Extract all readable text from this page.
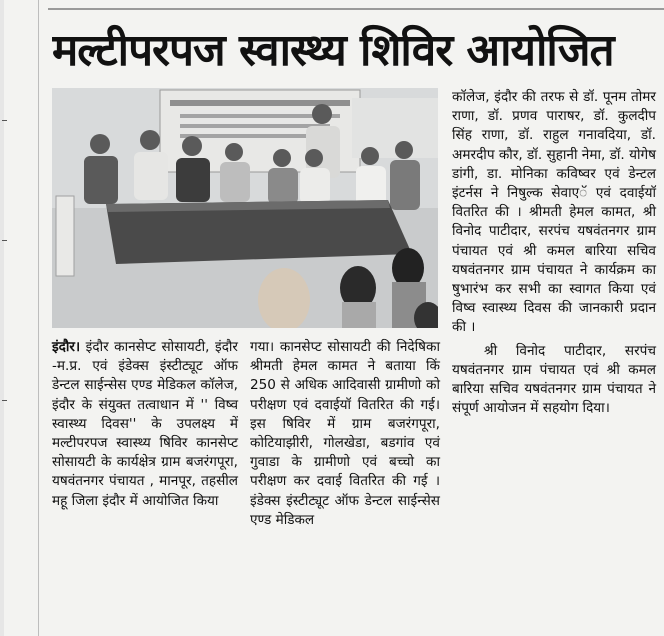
मल्टीपरपज स्वास्थ्य शिविर आयोजित

इंदौर। इंदौर कानसेप्ट सोसायटी, इंदौर -म.प्र. एवं इंडेक्स इंस्टीट्यूट ऑफ डेन्टल साईन्सेस एण्ड मेडिकल कॉलेज, इंदौर के संयुक्त तत्वाधान में '' विष्व स्वास्थ्य दिवस'' के उपलक्ष्य में मल्टीपरपज स्वास्थ्य षिविर कानसेप्ट सोसायटी के कार्यक्षेत्र ग्राम बजरंगपूरा, यषवंतनगर पंचायत , मानपूर, तहसील महू जिला इंदौर में आयोजित किया

गया। कानसेप्ट सोसायटी की निदेषिका श्रीमती हेमल कामत ने बताया किं 250 से अधिक आदिवासी ग्रामीणो को परीक्षण एवं दवाईयॉ वितरित की गई।इस षिविर में ग्राम बजरंगपूरा, कोटियाझीरी, गोलखेडा, बडगांव एवं गुवाडा के ग्रामीणो एवं बच्चो का परीक्षण कर दवाई वितरित की गई । इंडेक्स इंस्टीट्यूट ऑफ डेन्टल साईन्सेस एण्ड मेडिकल

कॉलेज, इंदौर की तरफ से डॉ. पूनम तोमर राणा, डॉ. प्रणव पाराषर, डॉ. कुलदीप सिंह राणा, डॉ. राहुल गनावदिया, डॉ. अमरदीप कौर, डॉ. सुहानी नेमा, डॉ. योगेष डांगी, डा. मोनिका कविष्वर एवं डेन्टल इंटर्नस ने निषुल्क सेवाएॅ एवं दवाईयॉ वितरित की । श्रीमती हेमल कामत, श्री विनोद पाटीदार, सरपंच यषवंतनगर ग्राम पंचायत एवं श्री कमल बारिया सचिव यषवंतनगर ग्राम पंचायत ने कार्यक्रम का षुभारंभ कर सभी का स्वागत किया एवं विष्व स्वास्थ्य दिवस की जानकारी प्रदान की ।

श्री विनोद पाटीदार, सरपंच यषवंतनगर ग्राम पंचायत एवं श्री कमल बारिया सचिव यषवंतनगर ग्राम पंचायत ने संपूर्ण आयोजन में सहयोग दिया।
